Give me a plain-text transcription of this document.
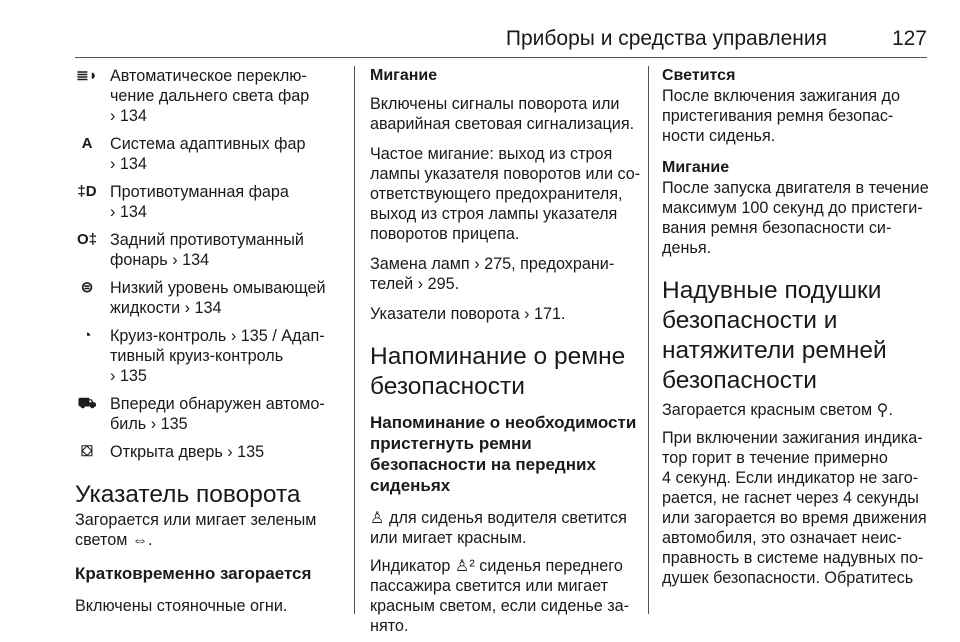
Приборы и средства управления	127
≣◗ Автоматическое переклю-
чение дальнего света фар
› 134
A	Система адаптивных фар
› 134
‡D Противотуманная фара
› 134
O‡ Задний противотуманный
фонарь › 134
⊜	Низкий уровень омывающей
жидкости › 134
◔	Круиз-контроль › 135 / Адап-
тивный круиз-контроль
› 135
⛟ Впереди обнаружен автомо-
биль › 135
⛋	Открыта дверь › 135
Указатель поворота
Загорается или мигает зеленым
светом ⇔.
Кратковременно загорается
Включены стояночные огни.
Мигание
Включены сигналы поворота или
аварийная световая сигнализация.
Частое мигание: выход из строя
лампы указателя поворотов или со-
ответствующего предохранителя,
выход из строя лампы указателя
поворотов прицепа.
Замена ламп › 275, предохрани-
телей › 295.
Указатели поворота › 171.
Напоминание о ремне
безопасности
Напоминание о необходимости
пристегнуть ремни
безопасности на передних
сиденьях
♙ для сиденья водителя светится
или мигает красным.
Индикатор ♙² сиденья переднего
пассажира светится или мигает
красным светом, если сиденье за-
нято.
Светится
После включения зажигания до
пристегивания ремня безопас-
ности сиденья.
Мигание
После запуска двигателя в течение
максимум 100 секунд до пристеги-
вания ремня безопасности си-
денья.
Надувные подушки
безопасности и
натяжители ремней
безопасности
Загорается красным светом ⚲.
При включении зажигания индика-
тор горит в течение примерно
4 секунд. Если индикатор не заго-
рается, не гаснет через 4 секунды
или загорается во время движения
автомобиля, это означает неис-
правность в системе надувных по-
душек безопасности. Обратитесь
